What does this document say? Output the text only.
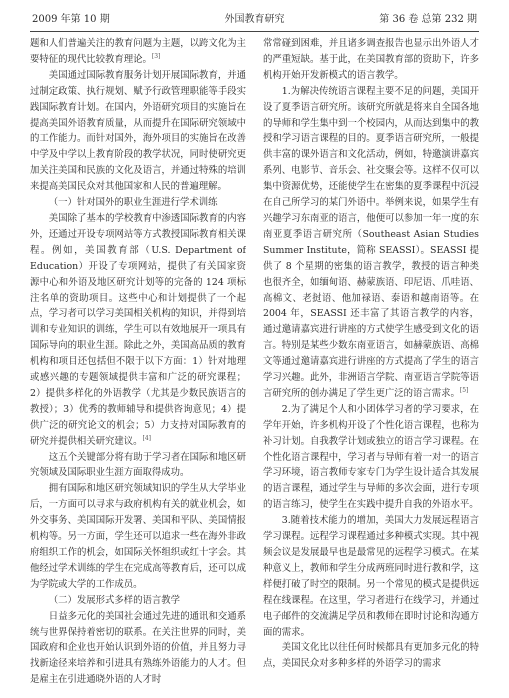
2009 年第 10 期	外国教育研究	第 36 卷 总第 232 期

题和人们普遍关注的教育问题为主题，以跨文化为主要特征的现代比较教育理论。[3]

美国通过国际教育服务计划开展国际教育，并通过制定政策、执行规划、赋予行政管理职能等手段实践国际教育计划。在国内，外语研究项目的实施旨在提高美国外语教育质量，从而提升在国际研究领域中的工作能力。而针对国外，海外项目的实施旨在改善中学及中学以上教育阶段的教学状况，同时使研究更加关注美国和民族的文化及语言，并通过特殊的培训来提高美国民众对其他国家和人民的普遍理解。

（一）针对国外的职业生涯进行学术训练

美国除了基本的学校教育中渗透国际教育的内容外，还通过开设专项网站等方式教授国际教育相关课程。例如，美国教育部（U.S. Department of Education）开设了专项网站，提供了有关国家资源中心和外语及地区研究计划等的完备的 124 项标注名单的资助项目。这些中心和计划提供了一个起点，学习者可以学习美国相关机构的知识，并得到培训和专业知识的训练，学生可以有效地展开一项具有国际导向的职业生涯。除此之外，美国高品质的教育机构和项目还包括但不限于以下方面：1）针对地理或感兴趣的专题领域提供丰富和广泛的研究课程；2）提供多样化的外语教学（尤其是少数民族语言的教授）；3）优秀的教师辅导和提供咨询意见；4）提供广泛的研究论文的机会；5）力支持对国际教育的研究并提供相关研究建议。[4]

这五个关键部分将有助于学习者在国际和地区研究领域及国际职业生涯方面取得成功。

拥有国际和地区研究领域知识的学生从大学毕业后，一方面可以寻求与政府机构有关的就业机会，如外交事务、美国国际开发署、美国和平队、美国情报机构等。另一方面，学生还可以追求一些在海外非政府组织工作的机会，如国际关怀组织或红十字会。其他经过学术训练的学生在完成高等教育后，还可以成为学院或大学的工作成员。

（二）发展形式多样的语言教学

日益多元化的美国社会通过先进的通讯和交通系统与世界保持着密切的联系。在关注世界的同时，美国政府和企业也开始认识到外语的价值，并且努力寻找新途径来培养和引进具有熟练外语能力的人才。但是雇主在引进通晓外语的人才时

常常碰到困难，并且诸多调查报告也显示出外语人才的严重短缺。基于此，在美国教育部的资助下，许多机构开始开发新模式的语言教学。

1.为解决传统语言课程主要不足的问题，美国开设了夏季语言研究所。该研究所就是将来自全国各地的导师和学生集中到一个校园内，从而达到集中的教授和学习语言课程的目的。夏季语言研究所，一般提供丰富的课外语言和文化活动，例如，特邀演讲嘉宾系列、电影节、音乐会、社交聚会等。这样不仅可以集中资源优势，还能使学生在密集的夏季课程中沉浸在自己所学习的某门外语中。举例来说，如果学生有兴趣学习东南亚的语言，他便可以参加一年一度的东南亚夏季语言研究所（Southeast Asian Studies Summer Institute，简称 SEASSI）。SEASSI 提供了 8 个星期的密集的语言教学，教授的语言种类也很齐全，如缅甸语、赫蒙族语、印尼语、爪哇语、高棉文、老挝语、他加禄语、泰语和越南语等。在 2004 年，SEASSI 还丰富了其语言教学的内容，通过邀请嘉宾进行讲座的方式使学生感受到文化的语言。特别是某些少数东南亚语言，如赫蒙族语、高棉文等通过邀请嘉宾进行讲座的方式提高了学生的语言学习兴趣。此外，非洲语言学院、南亚语言学院等语言研究所的创办满足了学生更广泛的语言需求。[5]

2.为了满足个人和小团体学习者的学习要求，在学年开始，许多机构开设了个性化语言课程，也称为补习计划。自我教学计划或独立的语言学习课程。在个性化语言课程中，学习者与导师有着一对一的语言学习环境，语言教师专家专门为学生设计适合其发展的语言课程，通过学生与导师的多次会面，进行专项的语言练习，使学生在实践中提升自我的外语水平。

3.随着技术能力的增加，美国大力发展远程语言学习课程。远程学习课程通过多种模式实现。其中视频会议是发展最早也是最常见的远程学习模式。在某种意义上，教师和学生分成两班同时进行教和学，这样便打破了时空的限制。另一个常见的模式是提供远程在线课程。在这里，学习者进行在线学习，并通过电子邮件的交流满足学员和教师在即时讨论和沟通方面的需求。

美国文化比以往任何时候都具有更加多元化的特点，美国民众对多种多样的外语学习的需求
